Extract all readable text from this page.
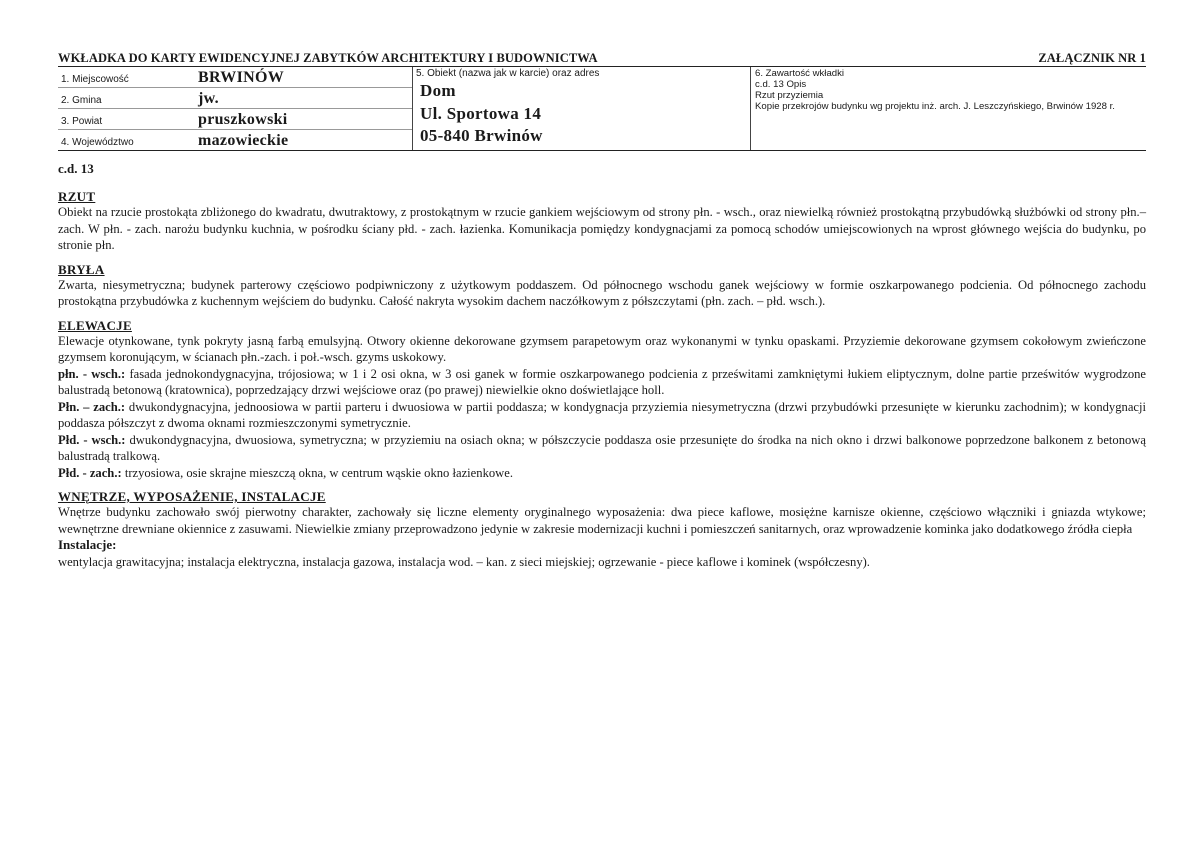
WKŁADKA DO KARTY EWIDENCYJNEJ ZABYTKÓW ARCHITEKTURY I BUDOWNICTWA	ZAŁĄCZNIK NR 1
1. Miejscowość	BRWINÓW
2. Gmina	jw.
3. Powiat	pruszkowski
4. Województwo	mazowieckie
5. Obiekt (nazwa jak w karcie) oraz adres
Dom
Ul. Sportowa 14
05-840 Brwinów
6. Zawartość wkładki
c.d. 13 Opis
Rzut przyziemia
Kopie przekrojów budynku wg projektu inż. arch. J. Leszczyńskiego, Brwinów 1928 r.
c.d. 13
RZUT
Obiekt na rzucie prostokąta zbliżonego do kwadratu, dwutraktowy, z prostokątnym w rzucie gankiem wejściowym od strony płn. - wsch., oraz niewielką również prostokątną przybudówką służbówki od strony płn.– zach. W płn. - zach. narożu budynku kuchnia, w pośrodku ściany płd. - zach. łazienka. Komunikacja pomiędzy kondygnacjami za pomocą schodów umiejscowionych na wprost głównego wejścia do budynku, po stronie płn.
BRYŁA
Zwarta, niesymetryczna; budynek parterowy częściowo podpiwniczony z użytkowym poddaszem. Od północnego wschodu ganek wejściowy w formie oszkarpowanego podcienia. Od północnego zachodu prostokątna przybudówka z kuchennym wejściem do budynku. Całość nakryta wysokim dachem naczółkowym z półszczytami (płn. zach. – płd. wsch.).
ELEWACJE
Elewacje otynkowane, tynk pokryty jasną farbą emulsyjną. Otwory okienne dekorowane gzymsem parapetowym oraz wykonanymi w tynku opaskami. Przyziemie dekorowane gzymsem cokołowym zwieńczone gzymsem koronującym, w ścianach płn.-zach. i poł.-wsch. gzyms uskokowy.
płn. - wsch.: fasada jednokondygnacyjna, trójosiowa; w 1 i 2 osi okna, w 3 osi ganek w formie oszkarpowanego podcienia z prześwitami zamkniętymi łukiem eliptycznym, dolne partie prześwitów wygrodzone balustradą betonową (kratownica), poprzedzający drzwi wejściowe oraz (po prawej) niewielkie okno doświetlające holl.
Płn. – zach.: dwukondygnacyjna, jednoosiowa w partii parteru i dwuosiowa w partii poddasza; w kondygnacja przyziemia niesymetryczna (drzwi przybudówki przesunięte w kierunku zachodnim); w kondygnacji poddasza półszczyt z dwoma oknami rozmieszczonymi symetrycznie.
Płd. - wsch.: dwukondygnacyjna, dwuosiowa, symetryczna; w przyziemiu na osiach okna; w półszczycie poddasza osie przesunięte do środka na nich okno i drzwi balkonowe poprzedzone balkonem z betonową balustradą tralkową.
Płd. - zach.: trzyosiowa, osie skrajne mieszczą okna, w centrum wąskie okno łazienkowe.
WNĘTRZE, WYPOSAŻENIE, INSTALACJE
Wnętrze budynku zachowało swój pierwotny charakter, zachowały się liczne elementy oryginalnego wyposażenia: dwa piece kaflowe, mosiężne karnisze okienne, częściowo włączniki i gniazda wtykowe; wewnętrzne drewniane okiennice z zasuwami. Niewielkie zmiany przeprowadzono jedynie w zakresie modernizacji kuchni i pomieszczeń sanitarnych, oraz wprowadzenie kominka jako dodatkowego źródła ciepła
Instalacje:
wentylacja grawitacyjna; instalacja elektryczna, instalacja gazowa, instalacja wod. – kan. z sieci miejskiej; ogrzewanie - piece kaflowe i kominek (współczesny).
